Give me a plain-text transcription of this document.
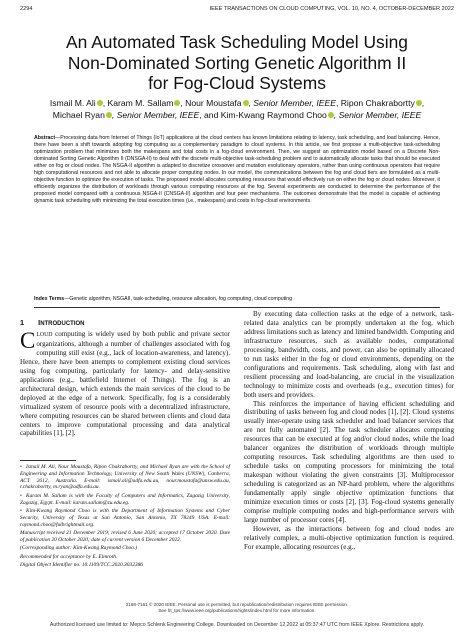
2294	IEEE TRANSACTIONS ON CLOUD COMPUTING, VOL. 10, NO. 4, OCTOBER-DECEMBER 2022
An Automated Task Scheduling Model Using
Non-Dominated Sorting Genetic Algorithm II
for Fog-Cloud Systems
Ismail M. Ali , Karam M. Sallam , Nour Moustafa , Senior Member, IEEE, Ripon Chakrabortty ,
Michael Ryan , Senior Member, IEEE, and Kim-Kwang Raymond Choo , Senior Member, IEEE
Abstract—Processing data from Internet of Things (IoT) applications at the cloud centers has known limitations relating to latency, task scheduling, and load balancing. Hence, there have been a shift towards adopting fog computing as a complementary paradigm to cloud systems. In this article, we first propose a multi-objective task-scheduling optimization problem that minimizes both the makespans and total costs in a fog-cloud environment. Then, we suggest an optimization model based on a Discrete Non-dominated Sorting Genetic Algorithm II (DNSGA-II) to deal with the discrete multi-objective task-scheduling problem and to automatically allocate tasks that should be executed either on fog or cloud nodes. The NSGA-II algorithm is adapted to discretize crossover and mutation evolutionary operators, rather than using continuous operators that require high computational resources and not able to allocate proper computing nodes. In our model, the communications between the fog and cloud tiers are formulated as a multi-objective function to optimize the execution of tasks. The proposed model allocates computing resources that would effectively run on either the fog or cloud nodes. Moreover, it efficiently organizes the distribution of workloads through various computing resources at the fog. Several experiments are conducted to determine the performance of the proposed model compared with a continuous NSGA-II (CNSGA-II) algorithm and four peer mechanisms. The outcomes demonstrate that the model is capable of achieving dynamic task scheduling with minimizing the total execution times (i.e., makespans) and costs in fog-cloud environments.
Index Terms—Genetic algorithm, NSGAII, task-scheduling, resource allocation, fog computing, cloud computing
1 INTRODUCTION

CLOUD computing is widely used by both public and private sector organizations, although a number of challenges associated with fog computing still exist (e.g., lack of location-awareness, and latency). Hence, there have been attempts to complement existing cloud services using fog computing, particularly for latency- and delay-sensitive applications (e.g., battlefield Internet of Things). The fog is an architectural design, which extends the main services of the cloud to be deployed at the edge of a network. Specifically, fog is a considerably virtualized system of resource pools with a decentralized infrastructure, where computing resources can be shared between clients and cloud data centers to improve computational processing and data analytical capabilities [1], [2].

• Ismail M. Ali, Nour Moustafa, Ripon Chakrabortty, and Michael Ryan are with the School of Engineering and Information Technology, University of New South Wales (UNSW), Canberra, ACT 2612, Australia. E-mail: ismail.ali@adfa.edu.au, nour.moustafa@unsw.edu.au, r.chakrabortty, m.ryan@adfa.edu.au.

• Karam M. Sallam is with the Faculty of Computers and Informatics, Zagazig University, Zagazig, Egypt. E-mail: karam.sallam@zu.edu.eg.

• Kim-Kwang Raymond Choo is with the Department of Information Systems and Cyber Security, University of Texas at San Antonio, San Antonio, TX 78249 USA. E-mail: raymond.choo@fulbrightmail.org.

Manuscript received 21 December 2019; revised 6 June 2020; accepted 17 October 2020. Date of publication 20 October 2020; date of current version 6 December 2022.

(Corresponding author: Kim-Kwang Raymond Choo.)

Recommended for acceptance by E. Elmroth.

Digital Object Identifier no. 10.1109/TCC.2020.3032386

By executing data collection tasks at the edge of a network, task-related data analytics can be promptly undertaken at the fog, which address limitations such as latency and limited bandwidth. Computing and infrastructure resources, such as available nodes, computational processing, bandwidth, costs, and power, can also be optimally allocated to run tasks either in the fog or cloud environments, depending on the configurations and requirements. Task scheduling, along with fast and resilient processing and load-balancing, are crucial in the visualization technology to minimize costs and overheads (e.g., execution times) for both users and providers.

This reinforces the importance of having efficient scheduling and distributing of tasks between fog and cloud nodes [1], [2]. Cloud systems usually inter-operate using task scheduler and load balancer services that are not fully automated [2]. The task scheduler allocates computing resources that can be executed at fog and/or cloud nodes, while the load balancer organizes the distribution of workloads through multiple computing resources. Task scheduling algorithms are then used to schedule tasks on computing processors for minimizing the total makespan without violating the given constraints [3]. Multiprocessor scheduling is categorized as an NP-hard problem, where the algorithms fundamentally apply single objective optimization functions that minimize execution times or costs [2], [3]. Fog-cloud systems generally comprise multiple computing nodes and high-performance servers with large number of processor cores [4].

However, as the interactions between fog and cloud nodes are relatively complex, a multi-objective optimization function is required. For example, allocating resources (e.g.,

2168-7161 © 2020 IEEE. Personal use is permitted, but republication/redistribution requires IEEE permission.
See ht_tps://www.ieee.org/publications/rights/index.html for more information.
Authorized licensed use limited to: Mepco Schlenk Engineering College. Downloaded on December 12,2022 at 05:37:47 UTC from IEEE Xplore. Restrictions apply.
